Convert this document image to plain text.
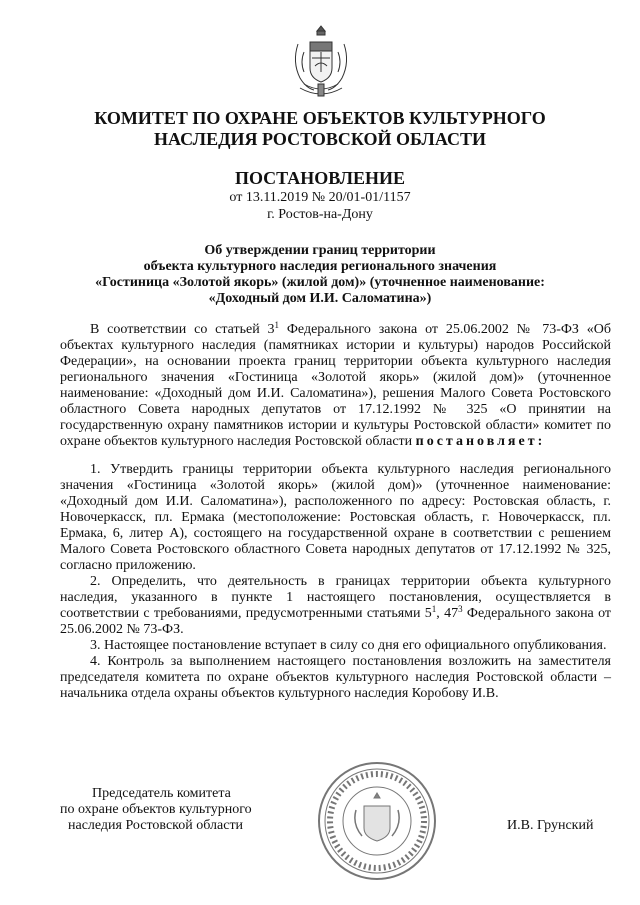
КОМИТЕТ ПО ОХРАНЕ ОБЪЕКТОВ КУЛЬТУРНОГО
НАСЛЕДИЯ РОСТОВСКОЙ ОБЛАСТИ
ПОСТАНОВЛЕНИЕ
от 13.11.2019 № 20/01-01/1157
г. Ростов-на-Дону
Об утверждении границ территории
объекта культурного наследия регионального значения
«Гостиница «Золотой якорь» (жилой дом)» (уточненное наименование:
«Доходный дом И.И. Саломатина»)

В соответствии со статьей $3^1$ Федерального закона от 25.06.2002 № 73-ФЗ «Об объектах культурного наследия (памятниках истории и культуры) народов Российской Федерации», на основании проекта границ территории объекта культурного наследия регионального значения «Гостиница «Золотой якорь» (жилой дом)» (уточненное наименование: «Доходный дом И.И. Саломатина»), решения Малого Совета Ростовского областного Совета народных депутатов от 17.12.1992 № 325 «О принятии на государственную охрану памятников истории и культуры Ростовской области» комитет по охране объектов культурного наследия Ростовской области постановляет:

1. Утвердить границы территории объекта культурного наследия регионального значения «Гостиница «Золотой якорь» (жилой дом)» (уточненное наименование: «Доходный дом И.И. Саломатина»), расположенного по адресу: Ростовская область, г. Новочеркасск, пл. Ермака (местоположение: Ростовская область, г. Новочеркасск, пл. Ермака, 6, литер А), состоящего на государственной охране в соответствии с решением Малого Совета Ростовского областного Совета народных депутатов от 17.12.1992 № 325, согласно приложению.

2. Определить, что деятельность в границах территории объекта культурного наследия, указанного в пункте 1 настоящего постановления, осуществляется в соответствии с требованиями, предусмотренными статьями $5^1$, $47^3$ Федерального закона от 25.06.2002 № 73-ФЗ.

3. Настоящее постановление вступает в силу со дня его официального опубликования.

4. Контроль за выполнением настоящего постановления возложить на заместителя председателя комитета по охране объектов культурного наследия Ростовской области – начальника отдела охраны объектов культурного наследия Коробову И.В.

Председатель комитета
по охране объектов культурного
наследия Ростовской области	И.В. Грунский
